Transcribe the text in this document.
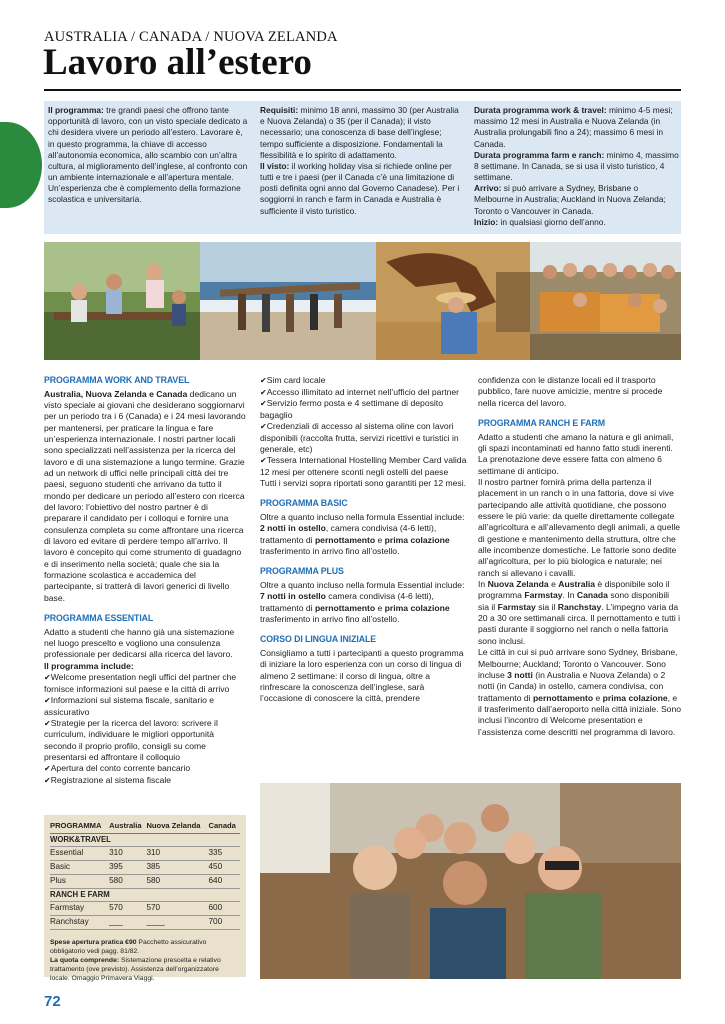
AUSTRALIA / CANADA / NUOVA ZELANDA
Lavoro all’estero

Il programma: tre grandi paesi che offrono tante opportunità di lavoro, con un visto speciale dedicato a chi desidera vivere un periodo all’estero. Lavorare è, in questo programma, la chiave di accesso all’autonomia economica, allo scambio con un’altra cultura, al miglioramento dell’inglese, al confronto con un ambiente internazionale e all’apertura mentale. Un’esperienza che è complemento della formazione scolastica e universitaria.

Requisiti: minimo 18 anni, massimo 30 (per Australia e Nuova Zelanda) o 35 (per il Canada); il visto necessario; una conoscenza di base dell’inglese; tempo sufficiente a disposizione. Fondamentali la flessibilità e lo spirito di adattamento.

Il visto: il working holiday visa si richiede online per tutti e tre i paesi (per il Canada c’è una limitazione di posti definita ogni anno dal Governo Canadese). Per i soggiorni in ranch e farm in Canada e Australia è sufficiente il visto turistico.

Durata programma work & travel: minimo 4-5 mesi; massimo 12 mesi in Australia e Nuova Zelanda (in Australia prolungabili fino a 24); massimo 6 mesi in Canada.

Durata programma farm e ranch: minimo 4, massimo 8 settimane. In Canada, se si usa il visto turistico, 4 settimane.

Arrivo: si può arrivare a Sydney, Brisbane o Melbourne in Australia; Auckland in Nuova Zelanda; Toronto o Vancouver in Canada.

Inizio: in qualsiasi giorno dell’anno.

PROGRAMMA WORK AND TRAVEL

Australia, Nuova Zelanda e Canada dedicano un visto speciale ai giovani che desiderano soggiornarvi per un periodo tra i 6 (Canada) e i 24 mesi lavorando per mantenersi, per praticare la lingua e fare un’esperienza internazionale. I nostri partner locali sono specializzati nell’assistenza per la ricerca del lavoro e di una sistemazione a lungo termine. Grazie ad un network di uffici nelle principali città dei tre paesi, seguono studenti che arrivano da tutto il mondo per dedicare un periodo all’estero con ricerca del lavoro: l’obiettivo del nostro partner è di preparare il candidato per i colloqui e fornire una consulenza completa su come affrontare una ricerca di lavoro ed evitare di perdere tempo all’arrivo. Il lavoro è concepito qui come strumento di guadagno e di inserimento nella società; quale che sia la formazione scolastica e accademica del partecipante, si tratterà di lavori generici di livello base.

PROGRAMMA ESSENTIAL

Adatto a studenti che hanno già una sistemazione nel luogo prescelto e vogliono una consulenza professionale per dedicarsi alla ricerca del lavoro.

Il programma include:

✔ Welcome presentation negli uffici del partner che fornisce informazioni sul paese e la città di arrivo

✔ Informazioni sul sistema fiscale, sanitario e assicurativo

✔ Strategie per la ricerca del lavoro: scrivere il curriculum, individuare le migliori opportunità secondo il proprio profilo, consigli su come presentarsi ed affrontare il colloquio

✔ Apertura del conto corrente bancario

✔ Registrazione al sistema fiscale

PROGRAMMA	Australia	Nuova Zelanda	Canada
WORK&TRAVEL			
Essential	310	310	335
Basic	395	385	450
Plus	580	580	640
RANCH E FARM			
Farmstay	570	570	600
Ranchstay	___	____	700

Spese apertura pratica €90 Pacchetto assicurativo obbligatorio vedi pagg. 81/82.

La quota comprende: Sistemazione prescelta e relativo trattamento (ove previsto). Assistenza dell’organizzatore locale. Omaggio Primavera Viaggi.

✔ Sim card locale

✔ Accesso illimitato ad internet nell’ufficio del partner

✔ Servizio fermo posta e 4 settimane di deposito bagaglio

✔ Credenziali di accesso al sistema oline con lavori disponibili (raccolta frutta, servizi ricettivi e turistici in generale, etc)

✔ Tessera International Hostelling Member Card valida 12 mesi per ottenere sconti negli ostelli del paese

Tutti i servizi sopra riportati sono garantiti per 12 mesi.

PROGRAMMA BASIC

Oltre a quanto incluso nella formula Essential include:

2 notti in ostello, camera condivisa (4-6 letti), trattamento di pernottamento e prima colazione trasferimento in arrivo fino all’ostello.

PROGRAMMA PLUS

Oltre a quanto incluso nella formula Essential include:

7 notti in ostello camera condivisa (4-6 letti), trattamento di pernottamento e prima colazione trasferimento in arrivo fino all’ostello.

CORSO DI LINGUA INIZIALE

Consigliamo a tutti i partecipanti a questo programma di iniziare la loro esperienza con un corso di lingua di almeno 2 settimane: il corso di lingua, oltre a rinfrescare la conoscenza dell’inglese, sarà l’occasione di conoscere la città, prendere

confidenza con le distanze locali ed il trasporto pubblico, fare nuove amicizie, mentre si procede nella ricerca del lavoro.

PROGRAMMA RANCH E FARM

Adatto a studenti che amano la natura e gli animali, gli spazi incontaminati ed hanno fatto studi inerenti. La prenotazione deve essere fatta con almeno 6 settimane di anticipo.

Il nostro partner fornirà prima della partenza il placement in un ranch o in una fattoria, dove si vive partecipando alle attività quotidiane, che possono essere le più varie: da quelle direttamente collegate all’agricoltura e all’allevamento degli animali, a quelle di gestione e mantenimento della struttura, oltre che alle incombenze domestiche. Le fattorie sono dedite all’agricoltura, per lo più biologica e naturale; nei ranch si allevano i cavalli.

In Nuova Zelanda e Australia è disponibile solo il programma Farmstay. In Canada sono disponibili sia il Farmstay sia il Ranchstay. L’impegno varia da 20 a 30 ore settimanali circa. Il pernottamento e tutti i pasti durante il soggiorno nel ranch o nella fattoria sono inclusi.

Le città in cui si può arrivare sono Sydney, Brisbane, Melbourne; Auckland; Toronto o Vancouver. Sono incluse 3 notti (in Australia e Nuova Zelanda) o 2 notti (in Canda) in ostello, camera condivisa, con trattamento di pernottamento e prima colazione, e il trasferimento dall’aeroporto nella città iniziale. Sono inclusi l’incontro di Welcome presentation e l’assistenza come descritti nel programma di lavoro.

72
